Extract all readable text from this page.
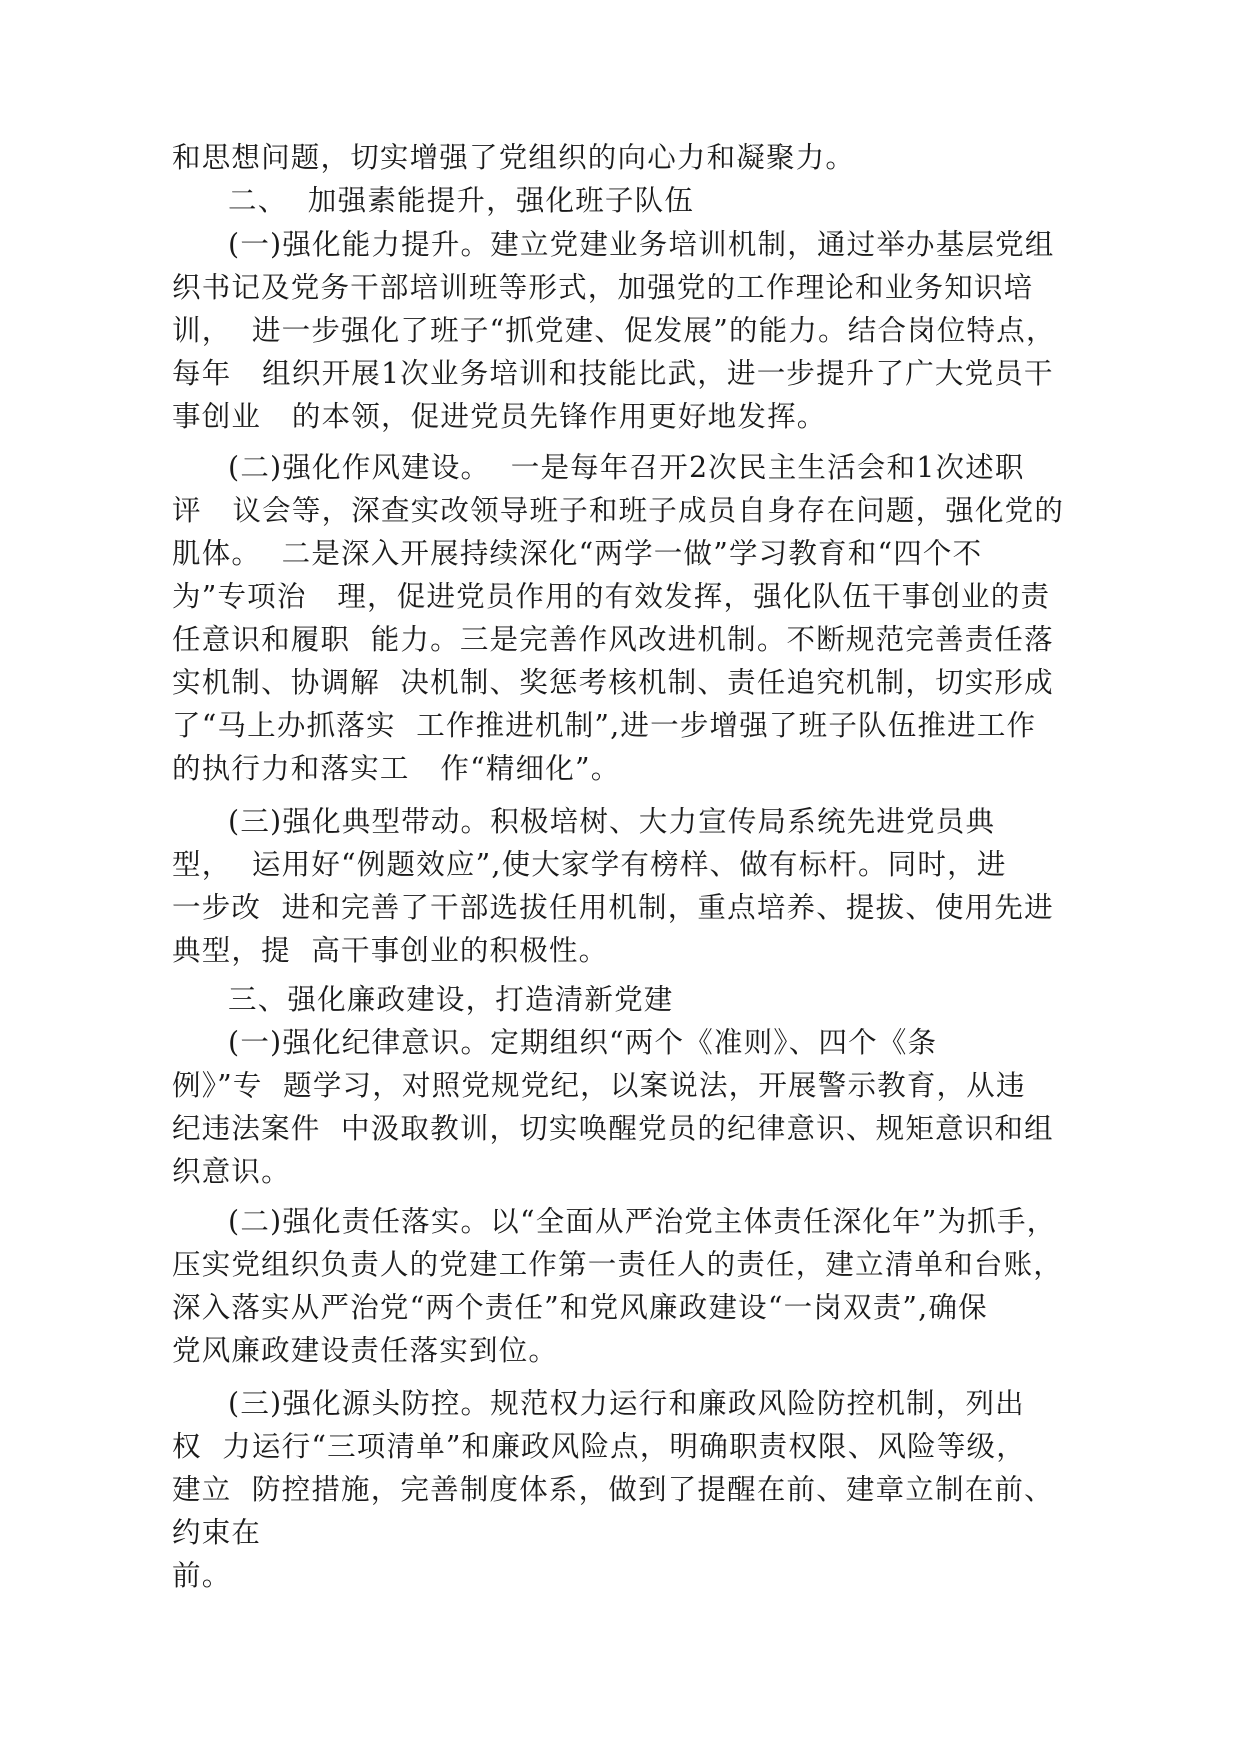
和思想问题，切实增强了党组织的向心力和凝聚力。
二、  加强素能提升，强化班子队伍
(一)强化能力提升。建立党建业务培训机制，通过举办基层党组
织书记及党务干部培训班等形式，加强党的工作理论和业务知识培
训，  进一步强化了班子“抓党建、促发展”的能力。结合岗位特点，
每年   组织开展1次业务培训和技能比武，进一步提升了广大党员干
事创业   的本领，促进党员先锋作用更好地发挥。
(二)强化作风建设。  一是每年召开2次民主生活会和1次述职
评   议会等，深查实改领导班子和班子成员自身存在问题，强化党的
肌体。  二是深入开展持续深化“两学一做”学习教育和“四个不
为”专项治   理，促进党员作用的有效发挥，强化队伍干事创业的责
任意识和履职  能力。三是完善作风改进机制。不断规范完善责任落
实机制、协调解  决机制、奖惩考核机制、责任追究机制，切实形成
了“马上办抓落实  工作推进机制”,进一步增强了班子队伍推进工作
的执行力和落实工   作“精细化”。
(三)强化典型带动。积极培树、大力宣传局系统先进党员典
型，  运用好“例题效应”,使大家学有榜样、做有标杆。同时，进
一步改  进和完善了干部选拔任用机制，重点培养、提拔、使用先进
典型，提  高干事创业的积极性。
三、强化廉政建设，打造清新党建
(一)强化纪律意识。定期组织“两个《准则》、四个《条
例》”专  题学习，对照党规党纪，以案说法，开展警示教育，从违
纪违法案件  中汲取教训，切实唤醒党员的纪律意识、规矩意识和组
织意识。
(二)强化责任落实。以“全面从严治党主体责任深化年”为抓手，
压实党组织负责人的党建工作第一责任人的责任，建立清单和台账，
深入落实从严治党“两个责任”和党风廉政建设“一岗双责”,确保
党风廉政建设责任落实到位。
(三)强化源头防控。规范权力运行和廉政风险防控机制，列出
权  力运行“三项清单”和廉政风险点，明确职责权限、风险等级，
建立  防控措施，完善制度体系，做到了提醒在前、建章立制在前、
约束在
前。
